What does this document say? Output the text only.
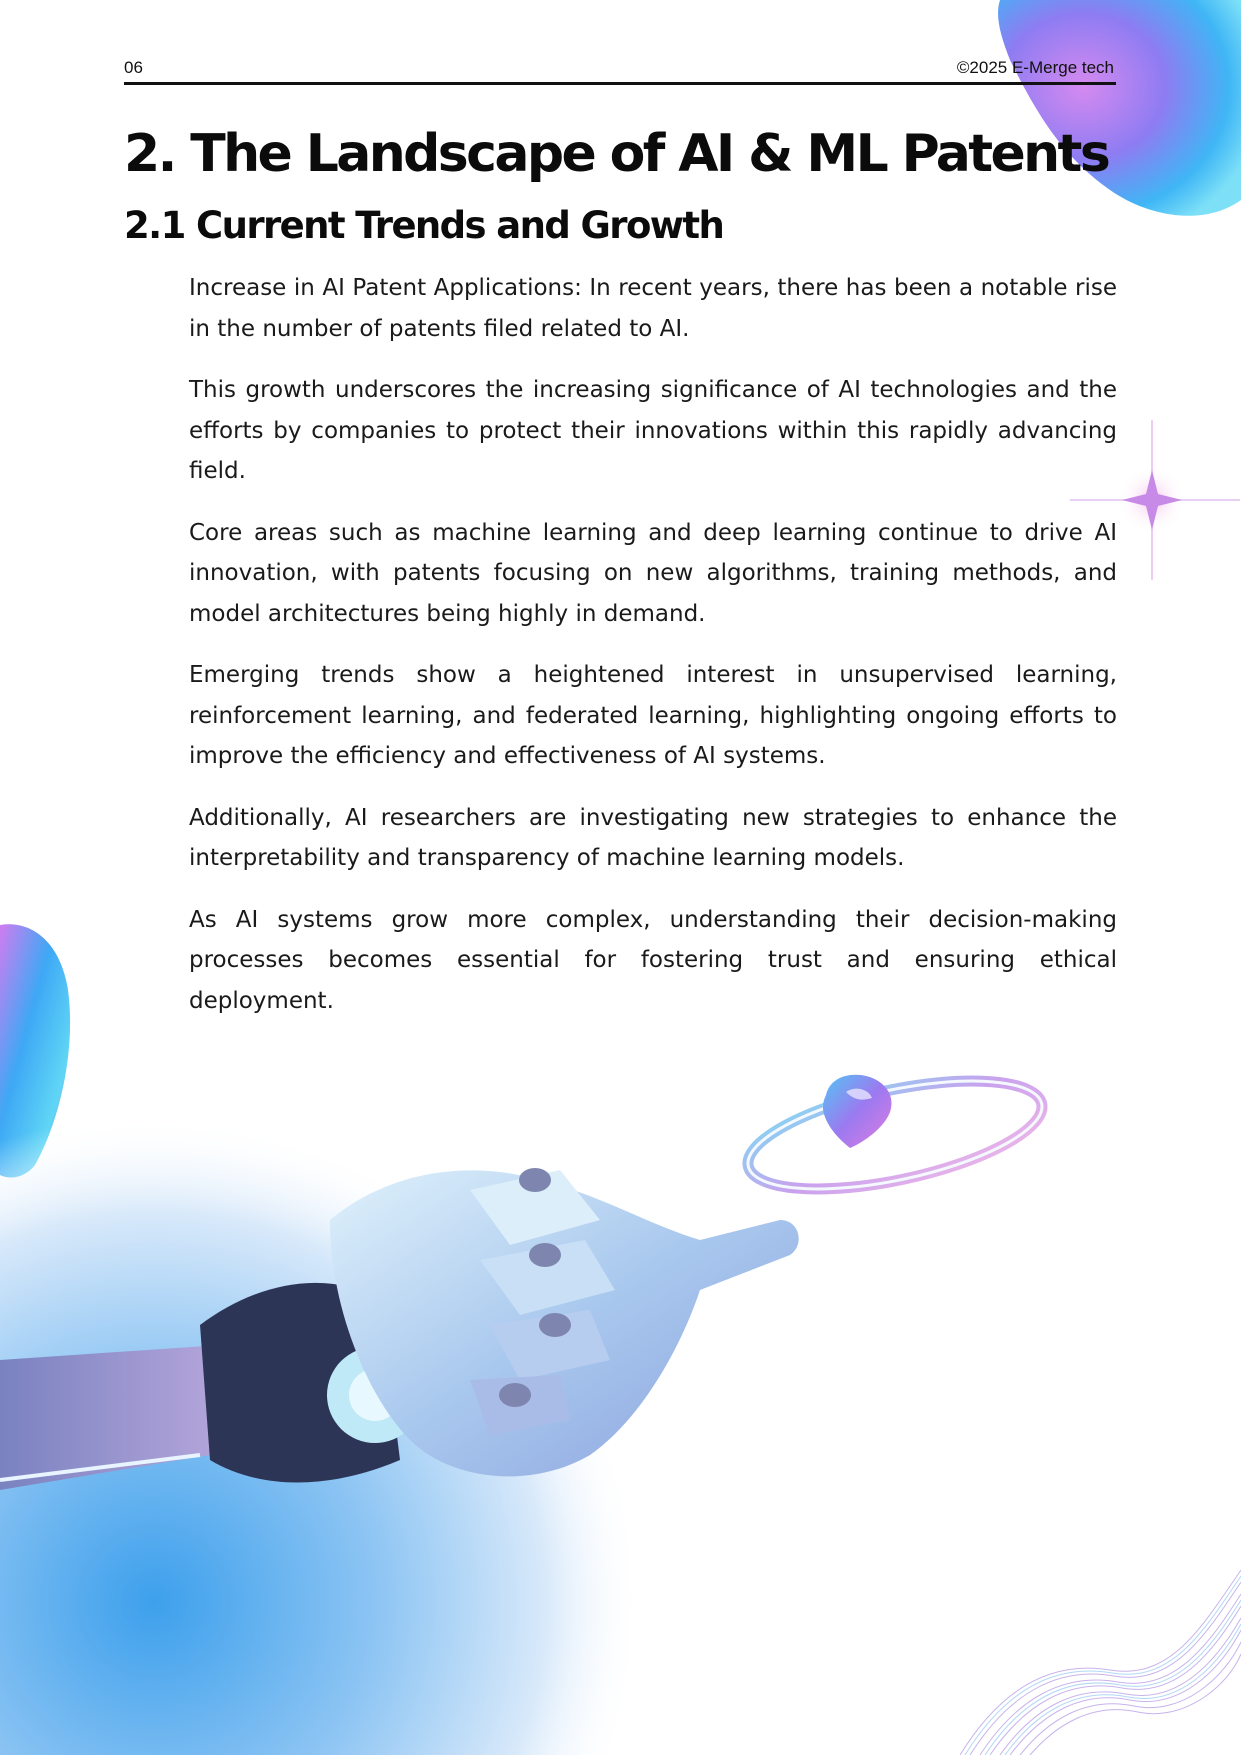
06	©2025 E-Merge tech
2. The Landscape of AI & ML Patents
2.1 Current Trends and Growth

Increase in AI Patent Applications: In recent years, there has been a notable rise in the number of patents filed related to AI.

This growth underscores the increasing significance of AI technologies and the efforts by companies to protect their innovations within this rapidly advancing field.

Core areas such as machine learning and deep learning continue to drive AI innovation, with patents focusing on new algorithms, training methods, and model architectures being highly in demand.

Emerging trends show a heightened interest in unsupervised learning, reinforcement learning, and federated learning, highlighting ongoing efforts to improve the efficiency and effectiveness of AI systems.

Additionally, AI researchers are investigating new strategies to enhance the interpretability and transparency of machine learning models.

As AI systems grow more complex, understanding their decision-making processes becomes essential for fostering trust and ensuring ethical deployment.
